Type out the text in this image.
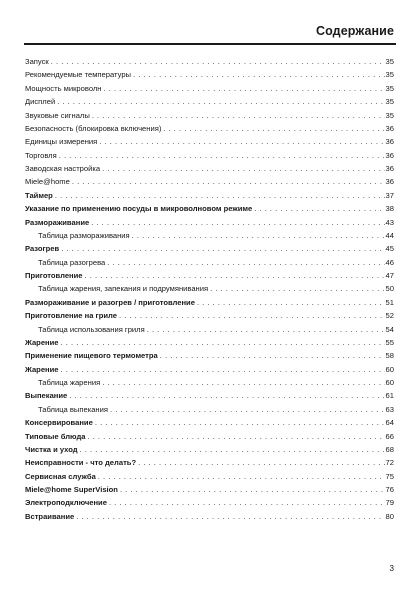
Содержание
Запуск . . .	35
Рекомендуемые температуры . . .	35
Мощность микроволн . . .	35
Дисплей . . .	35
Звуковые сигналы . . .	35
Безопасность (блокировка включения) . . .	36
Единицы измерения . . .	36
Торговля . . .	36
Заводская настройка . . .	36
Miele@home . . .	36
Таймер . . .	37
Указание по применению посуды в микроволновом режиме . . .	38
Размораживание . . .	43
Таблица размораживания . . .	44
Разогрев . . .	45
Таблица разогрева . . .	46
Приготовление . . .	47
Таблица жарения, запекания и подрумянивания . . .	50
Размораживание и разогрев / приготовление . . .	51
Приготовление на гриле . . .	52
Таблица использования гриля . . .	54
Жарение . . .	55
Применение пищевого термометра . . .	58
Жарение . . .	60
Таблица жарения . . .	60
Выпекание . . .	61
Таблица выпекания . . .	63
Консервирование . . .	64
Типовые блюда . . .	66
Чистка и уход . . .	68
Неисправности - что делать? . . .	72
Сервисная служба . . .	75
Miele@home SuperVision . . .	76
Электроподключение . . .	79
Встраивание . . .	80
3
